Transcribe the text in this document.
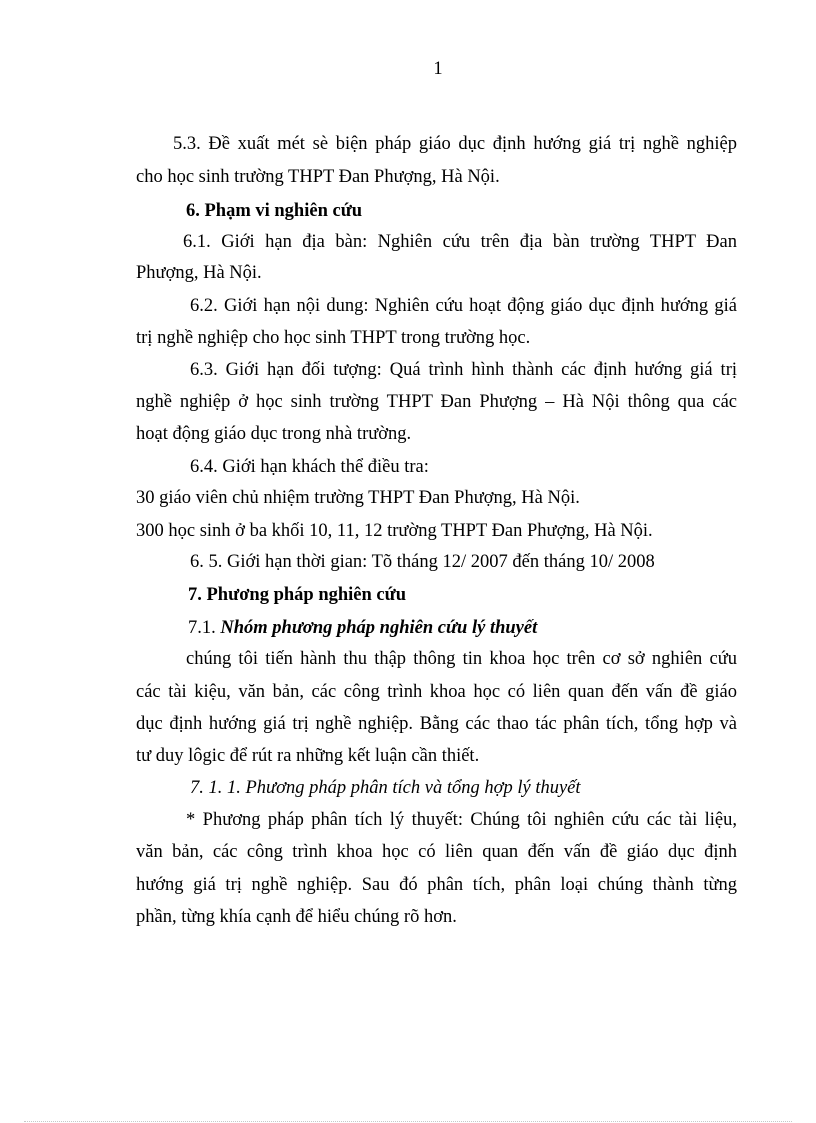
1
5.3. Đề xuất mét sè biện pháp giáo dục định hướng giá trị nghề nghiệp
cho học sinh trường THPT Đan Phượng, Hà Nội.
6. Phạm vi nghiên cứu
6.1. Giới hạn địa bàn: Nghiên cứu trên địa bàn trường THPT Đan
Phượng, Hà Nội.
6.2. Giới hạn nội dung: Nghiên cứu hoạt động giáo dục định hướng giá
trị nghề nghiệp cho học sinh THPT trong trường học.
6.3. Giới hạn đối tượng: Quá trình hình thành các định hướng giá trị
nghề nghiệp ở học sinh trường THPT Đan Phượng – Hà Nội thông qua các
hoạt động giáo dục trong nhà trường.
6.4. Giới hạn khách thể điều tra:
30 giáo viên chủ nhiệm trường THPT Đan Phượng, Hà Nội.
300 học sinh ở ba khối 10, 11, 12 trường THPT Đan Phượng, Hà Nội.
6. 5. Giới hạn thời gian: Tõ tháng 12/ 2007 đến tháng 10/ 2008
7. Phương pháp nghiên cứu
7.1. Nhóm phương pháp nghiên cứu lý thuyết
chúng tôi tiến hành thu thập thông tin khoa học trên cơ sở nghiên cứu
các tài kiệu, văn bản, các công trình khoa học có liên quan đến vấn đề giáo
dục định hướng giá trị nghề nghiệp. Bằng các thao tác phân tích, tổng hợp và
tư duy lôgic để rút ra những kết luận cần thiết.
7. 1. 1. Phương pháp phân tích và tổng hợp lý thuyết
* Phương pháp phân tích lý thuyết: Chúng tôi nghiên cứu các tài liệu,
văn bản, các công trình khoa học có liên quan đến vấn đề giáo dục định
hướng giá trị nghề nghiệp. Sau đó phân tích, phân loại chúng thành từng
phần, từng khía cạnh để hiểu chúng rõ hơn.
